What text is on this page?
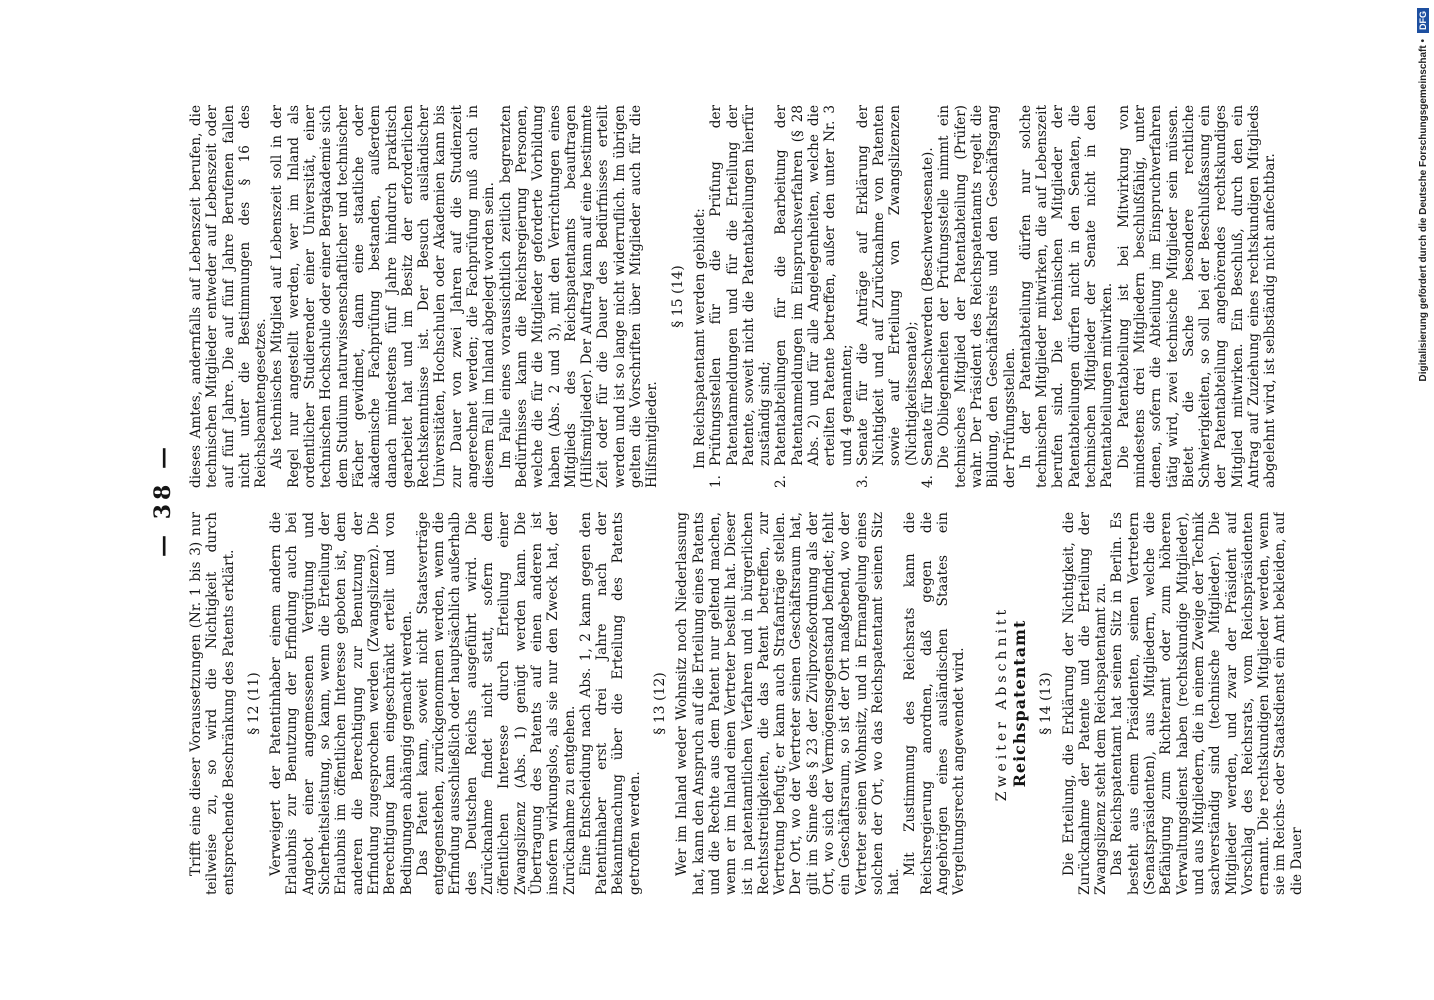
— 38 —

Trifft eine dieser Voraussetzungen (Nr. 1 bis 3) nur teilweise zu, so wird die Nichtigkeit durch entsprechende Beschränkung des Patents erklärt. § 12 (11) Verweigert der Patentinhaber einem andern die Erlaubnis zur Benutzung der Erfindung auch bei Angebot einer angemessenen Vergütung und Sicherheitsleistung, so kann, wenn die Erteilung der Erlaubnis im öffentlichen Interesse geboten ist, dem anderen die Berechtigung zur Benutzung der Erfindung zugesprochen werden (Zwangslizenz). Die Berechtigung kann eingeschränkt erteilt und von Bedingungen abhängig gemacht werden. Das Patent kann, soweit nicht Staatsverträge entgegenstehen, zurückgenommen werden, wenn die Erfindung ausschließlich oder hauptsächlich außerhalb des Deutschen Reichs ausgeführt wird. Die Zurücknahme findet nicht statt, sofern dem öffentlichen Interesse durch Erteilung einer Zwangslizenz (Abs. 1) genügt werden kann. Die Übertragung des Patents auf einen anderen ist insofern wirkungslos, als sie nur den Zweck hat, der Zurücknahme zu entgehen. Eine Entscheidung nach Abs. 1, 2 kann gegen den Patentinhaber erst drei Jahre nach der Bekanntmachung über die Erteilung des Patents getroffen werden.

§ 13 (12) Wer im Inland weder Wohnsitz noch Niederlassung hat, kann den Anspruch auf die Erteilung eines Patents und die Rechte aus dem Patent nur geltend machen, wenn er im Inland einen Vertreter bestellt hat. Dieser ist in patentamtlichen Verfahren und in bürgerlichen Rechtsstreitigkeiten, die das Patent betreffen, zur Vertretung befugt; er kann auch Strafanträge stellen. Der Ort, wo der Vertreter seinen Geschäftsraum hat, gilt im Sinne des § 23 der Zivilprozeßordnung als der Ort, wo sich der Vermögensgegenstand befindet; fehlt ein Geschäftsraum, so ist der Ort maßgebend, wo der Vertreter seinen Wohnsitz, und in Ermangelung eines solchen der Ort, wo das Reichspatentamt seinen Sitz hat.

Mit Zustimmung des Reichsrats kann die Reichsregierung anordnen, daß gegen die Angehörigen eines ausländischen Staates ein Vergeltungsrecht angewendet wird. Zweiter Abschnitt Reichspatentamt § 14 (13) Die Erteilung, die Erklärung der Nichtigkeit, die Zurücknahme der Patente und die Erteilung der Zwangslizenz steht dem Reichspatentamt zu. Das Reichspatentamt hat seinen Sitz in Berlin. Es besteht aus einem Präsidenten, seinen Vertretern (Senatspräsidenten), aus Mitgliedern, welche die Befähigung zum Richteramt oder zum höheren Verwaltungsdienst haben (rechtskundige Mitglieder), und aus Mitgliedern, die in einem Zweige der Technik sachverständig sind (technische Mitglieder). Die Mitglieder werden, und zwar der Präsident auf Vorschlag des Reichsrats, vom Reichspräsidenten ernannt. Die rechtskundigen Mitglieder werden, wenn sie im Reichs- oder Staatsdienst ein Amt bekleiden, auf die Dauer

dieses Amtes, andernfalls auf Lebenszeit berufen, die technischen Mitglieder entweder auf Lebenszeit oder auf fünf Jahre. Die auf fünf Jahre Berufenen fallen nicht unter die Bestimmungen des § 16 des Reichsbeamtengesetzes. Als technisches Mitglied auf Lebenszeit soll in der Regel nur angestellt werden, wer im Inland als ordentlicher Studierender einer Universität, einer technischen Hochschule oder einer Bergakademie sich dem Studium naturwissenschaftlicher und technischer Fächer gewidmet, dann eine staatliche oder akademische Fachprüfung bestanden, außerdem danach mindestens fünf Jahre hindurch praktisch gearbeitet hat und im Besitz der erforderlichen Rechtskenntnisse ist. Der Besuch ausländischer Universitäten, Hochschulen oder Akademien kann bis zur Dauer von zwei Jahren auf die Studienzeit angerechnet werden; die Fachprüfung muß auch in diesem Fall im Inland abgelegt worden sein. Im Falle eines voraussichtlich zeitlich begrenzten Bedürfnisses kann die Reichsregierung Personen, welche die für die Mitglieder geforderte Vorbildung haben (Abs. 2 und 3), mit den Verrichtungen eines Mitglieds des Reichspatentamts beauftragen (Hilfsmitglieder). Der Auftrag kann auf eine bestimmte Zeit oder für die Dauer des Bedürfnisses erteilt werden und ist so lange nicht widerruflich. Im übrigen gelten die Vorschriften über Mitglieder auch für die Hilfsmitglieder.

§ 15 (14) Im Reichspatentamt werden gebildet:

1.
Prüfungsstellen für die Prüfung der Patentanmeldungen und für die Erteilung der Patente, soweit nicht die Patentabteilungen hierfür zuständig sind;
2.
Patentabteilungen für die Bearbeitung der Patentanmeldungen im Einspruchsverfahren (§ 28 Abs. 2) und für alle Angelegenheiten, welche die erteilten Patente betreffen, außer den unter Nr. 3 und 4 genannten;
3.
Senate für die Anträge auf Erklärung der Nichtigkeit und auf Zurücknahme von Patenten sowie auf Erteilung von Zwangslizenzen (Nichtigkeitssenate);
4.
Senate für Beschwerden (Beschwerdesenate). Die Obliegenheiten der Prüfungsstelle nimmt ein technisches Mitglied der Patentabteilung (Prüfer) wahr. Der Präsident des Reichspatentamts regelt die Bildung, den Geschäftskreis und den Geschäftsgang der Prüfungsstellen. In der Patentabteilung dürfen nur solche technischen Mitglieder mitwirken, die auf Lebenszeit berufen sind. Die technischen Mitglieder der Patentabteilungen dürfen nicht in den Senaten, die technischen Mitglieder der Senate nicht in den Patentabteilungen mitwirken. Die Patentabteilung ist bei Mitwirkung von mindestens drei Mitgliedern beschlußfähig, unter denen, sofern die Abteilung im Einspruchverfahren tätig wird, zwei technische Mitglieder sein müssen. Bietet die Sache besondere rechtliche Schwierigkeiten, so soll bei der Beschlußfassung ein der Patentabteilung angehörendes rechtskundiges Mitglied mitwirken. Ein Beschluß, durch den ein Antrag auf Zuziehung eines rechtskundigen Mitglieds abgelehnt wird, ist selbständig nicht anfechtbar.	Digitalisierung gefördert durch die Deutsche Forschungsgemeinschaft •DFG
